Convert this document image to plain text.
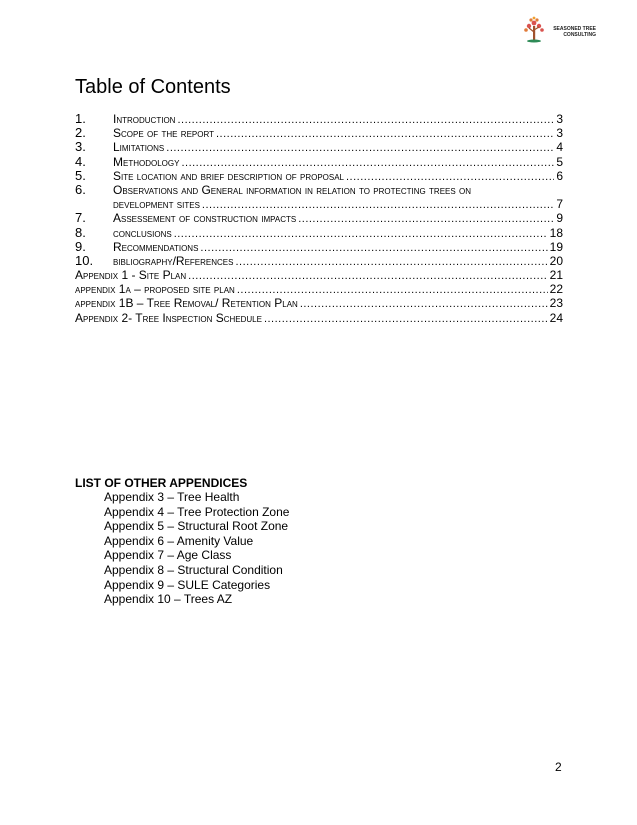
SEASONED TREE
CONSULTING
Table of Contents
1.	Introduction .....	3
2.	Scope of the report .....	3
3.	Limitations .....	4
4.	Methodology .....	5
5.	Site location and brief description of proposal .....	6
6.	Observations and General information in relation to protecting trees on
development sites .....	7
7.	Assessement of construction impacts .....	9
8.	conclusions .....	18
9.	Recommendations .....	19
10.	bibliography/References .....	20
Appendix 1 - Site Plan .....	21
appendix 1a – proposed site plan .....	22
appendix 1B – Tree Removal/ Retention Plan .....	23
Appendix 2- Tree Inspection Schedule .....	24
LIST OF OTHER APPENDICES
Appendix 3 – Tree Health
Appendix 4 – Tree Protection Zone
Appendix 5 – Structural Root Zone
Appendix 6 – Amenity Value
Appendix 7 – Age Class
Appendix 8 – Structural Condition
Appendix 9 – SULE Categories
Appendix 10 – Trees AZ
2
